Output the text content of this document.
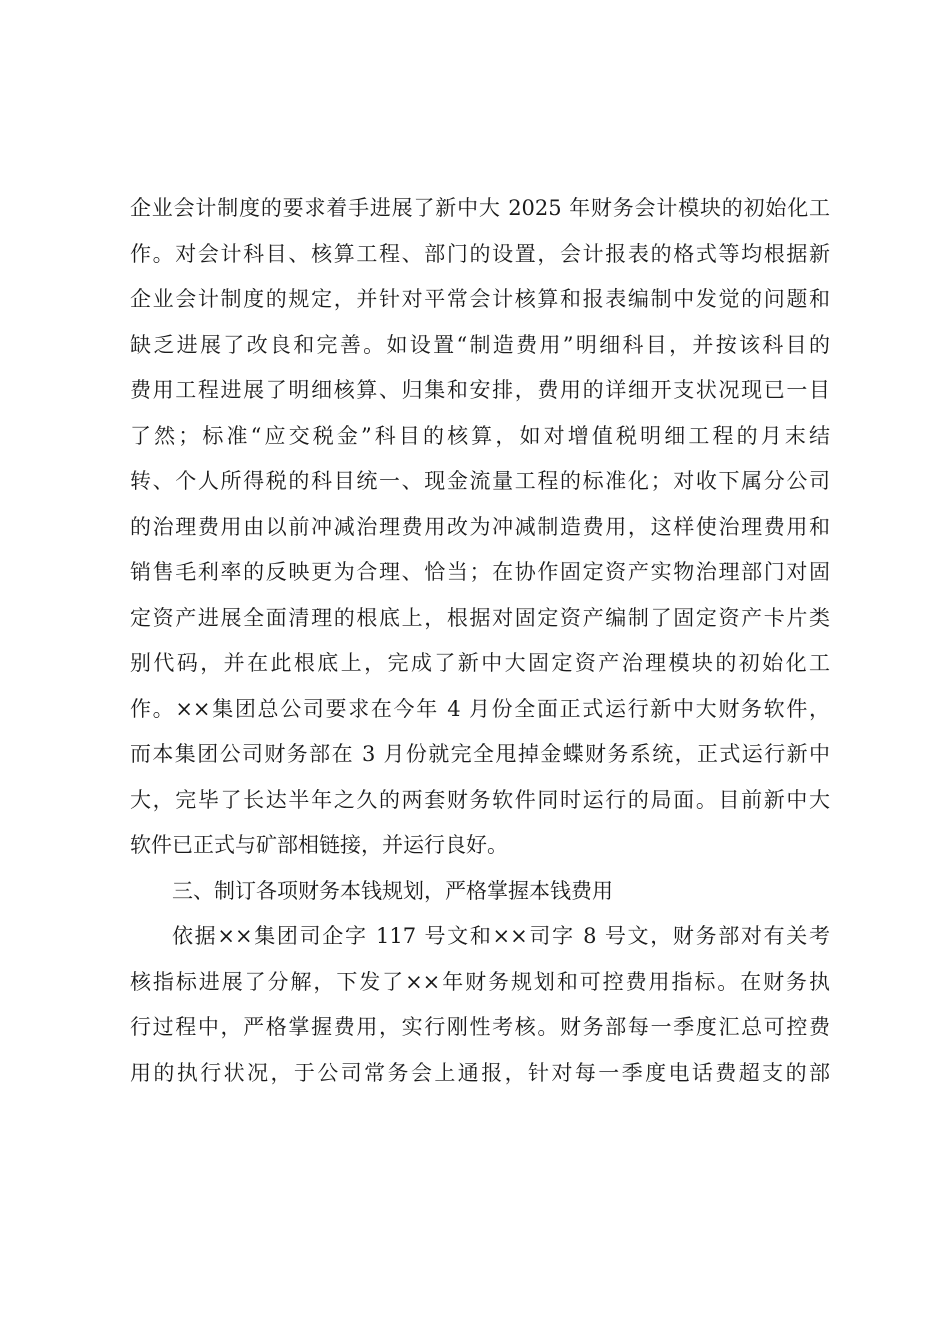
企业会计制度的要求着手进展了新中大 2025 年财务会计模块的初始化工
作。对会计科目、核算工程、部门的设置，会计报表的格式等均根据新
企业会计制度的规定，并针对平常会计核算和报表编制中发觉的问题和
缺乏进展了改良和完善。如设置“制造费用”明细科目，并按该科目的
费用工程进展了明细核算、归集和安排，费用的详细开支状况现已一目
了然；标准“应交税金”科目的核算，如对增值税明细工程的月末结
转、个人所得税的科目统一、现金流量工程的标准化；对收下属分公司
的治理费用由以前冲减治理费用改为冲减制造费用，这样使治理费用和
销售毛利率的反映更为合理、恰当；在协作固定资产实物治理部门对固
定资产进展全面清理的根底上，根据对固定资产编制了固定资产卡片类
别代码，并在此根底上，完成了新中大固定资产治理模块的初始化工
作。××集团总公司要求在今年 4 月份全面正式运行新中大财务软件，
而本集团公司财务部在 3 月份就完全甩掉金蝶财务系统，正式运行新中
大，完毕了长达半年之久的两套财务软件同时运行的局面。目前新中大
软件已正式与矿部相链接，并运行良好。
三、制订各项财务本钱规划，严格掌握本钱费用
依据××集团司企字 117 号文和××司字 8 号文，财务部对有关考
核指标进展了分解，下发了××年财务规划和可控费用指标。在财务执
行过程中，严格掌握费用，实行刚性考核。财务部每一季度汇总可控费
用的执行状况，于公司常务会上通报，针对每一季度电话费超支的部
